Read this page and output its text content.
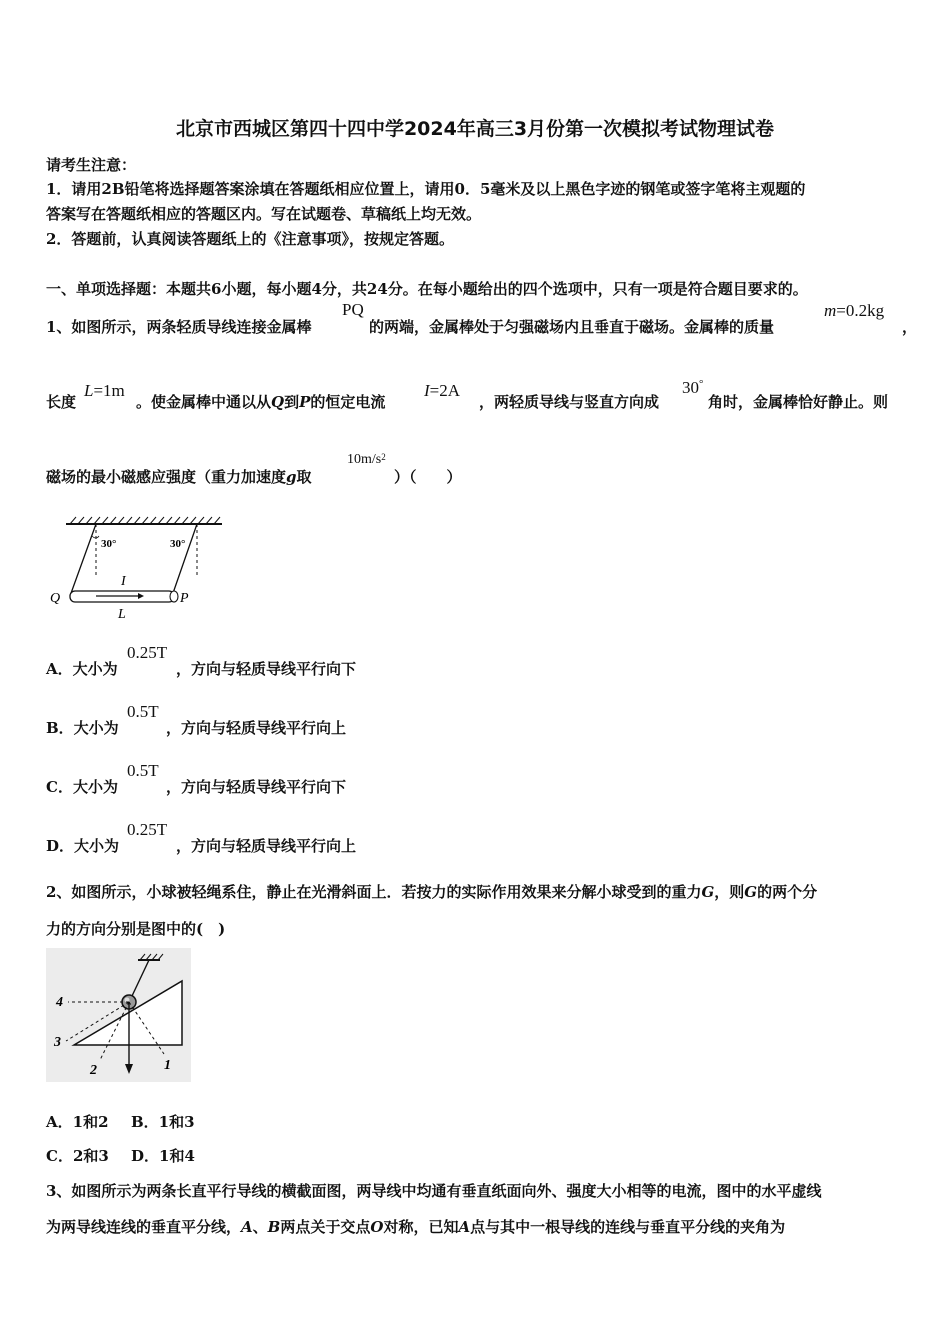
北京市西城区第四十四中学2024年高三3月份第一次模拟考试物理试卷
请考生注意：
1．请用2B铅笔将选择题答案涂填在答题纸相应位置上，请用0．5毫米及以上黑色字迹的钢笔或签字笔将主观题的
答案写在答题纸相应的答题区内。写在试题卷、草稿纸上均无效。
2．答题前，认真阅读答题纸上的《注意事项》，按规定答题。
一、单项选择题：本题共6小题，每小题4分，共24分。在每小题给出的四个选项中，只有一项是符合题目要求的。
1、如图所示，两条轻质导线连接金属棒
PQ
的两端，金属棒处于匀强磁场内且垂直于磁场。金属棒的质量
m=0.2kg
，
长度
L=1m
。使金属棒中通以从Q到P的恒定电流
I=2A
，两轻质导线与竖直方向成
30°
角时，金属棒恰好静止。则
磁场的最小磁感应强度（重力加速度g取
$10m/s^2$
）（　　）
30°	30°
I
L
Q	P
A．大小为
0.25T
，方向与轻质导线平行向下
B．大小为
0.5T
，方向与轻质导线平行向上
C．大小为
0.5T
，方向与轻质导线平行向下
D．大小为
0.25T
，方向与轻质导线平行向上
2、如图所示，小球被轻绳系住，静止在光滑斜面上．若按力的实际作用效果来分解小球受到的重力G，则G的两个分
力的方向分别是图中的(　)
4
3
2	1
A．1和2 B．1和3
C．2和3 D．1和4
3、如图所示为两条长直平行导线的横截面图，两导线中均通有垂直纸面向外、强度大小相等的电流，图中的水平虚线
为两导线连线的垂直平分线，A、B两点关于交点O对称，已知A点与其中一根导线的连线与垂直平分线的夹角为
